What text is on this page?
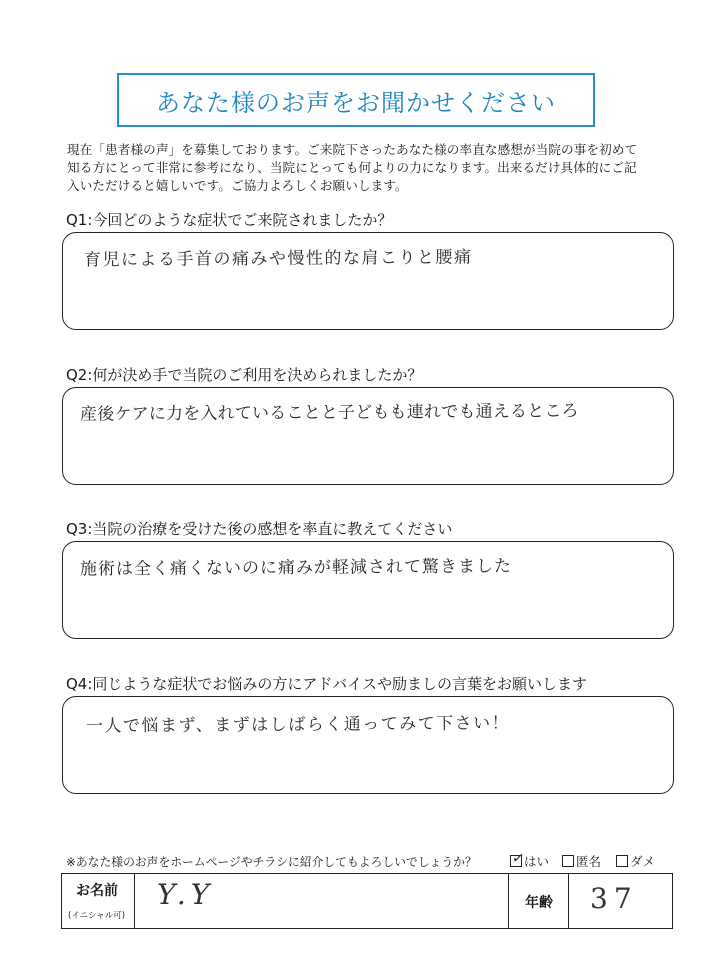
あなた様のお声をお聞かせください
現在「患者様の声」を募集しております。ご来院下さったあなた様の率直な感想が当院の事を初めて
知る方にとって非常に参考になり、当院にとっても何よりの力になります。出来るだけ具体的にご記
入いただけると嬉しいです。ご協力よろしくお願いします。
Q1:今回どのような症状でご来院されましたか？
育児による手首の痛みや慢性的な肩こりと腰痛
Q2:何が決め手で当院のご利用を決められましたか？
産後ケアに力を入れていることと子どもも連れでも通えるところ
Q3:当院の治療を受けた後の感想を率直に教えてください
施術は全く痛くないのに痛みが軽減されて驚きました
Q4:同じような症状でお悩みの方にアドバイスや励ましの言葉をお願いします
一人で悩まず、まずはしばらく通ってみて下さい！
※あなた様のお声をホームページやチラシに紹介してもよろしいでしょうか？ ✓
はい 匿名 ダメ
お名前
(イニシャル可)
Y.Y	年齢 37
